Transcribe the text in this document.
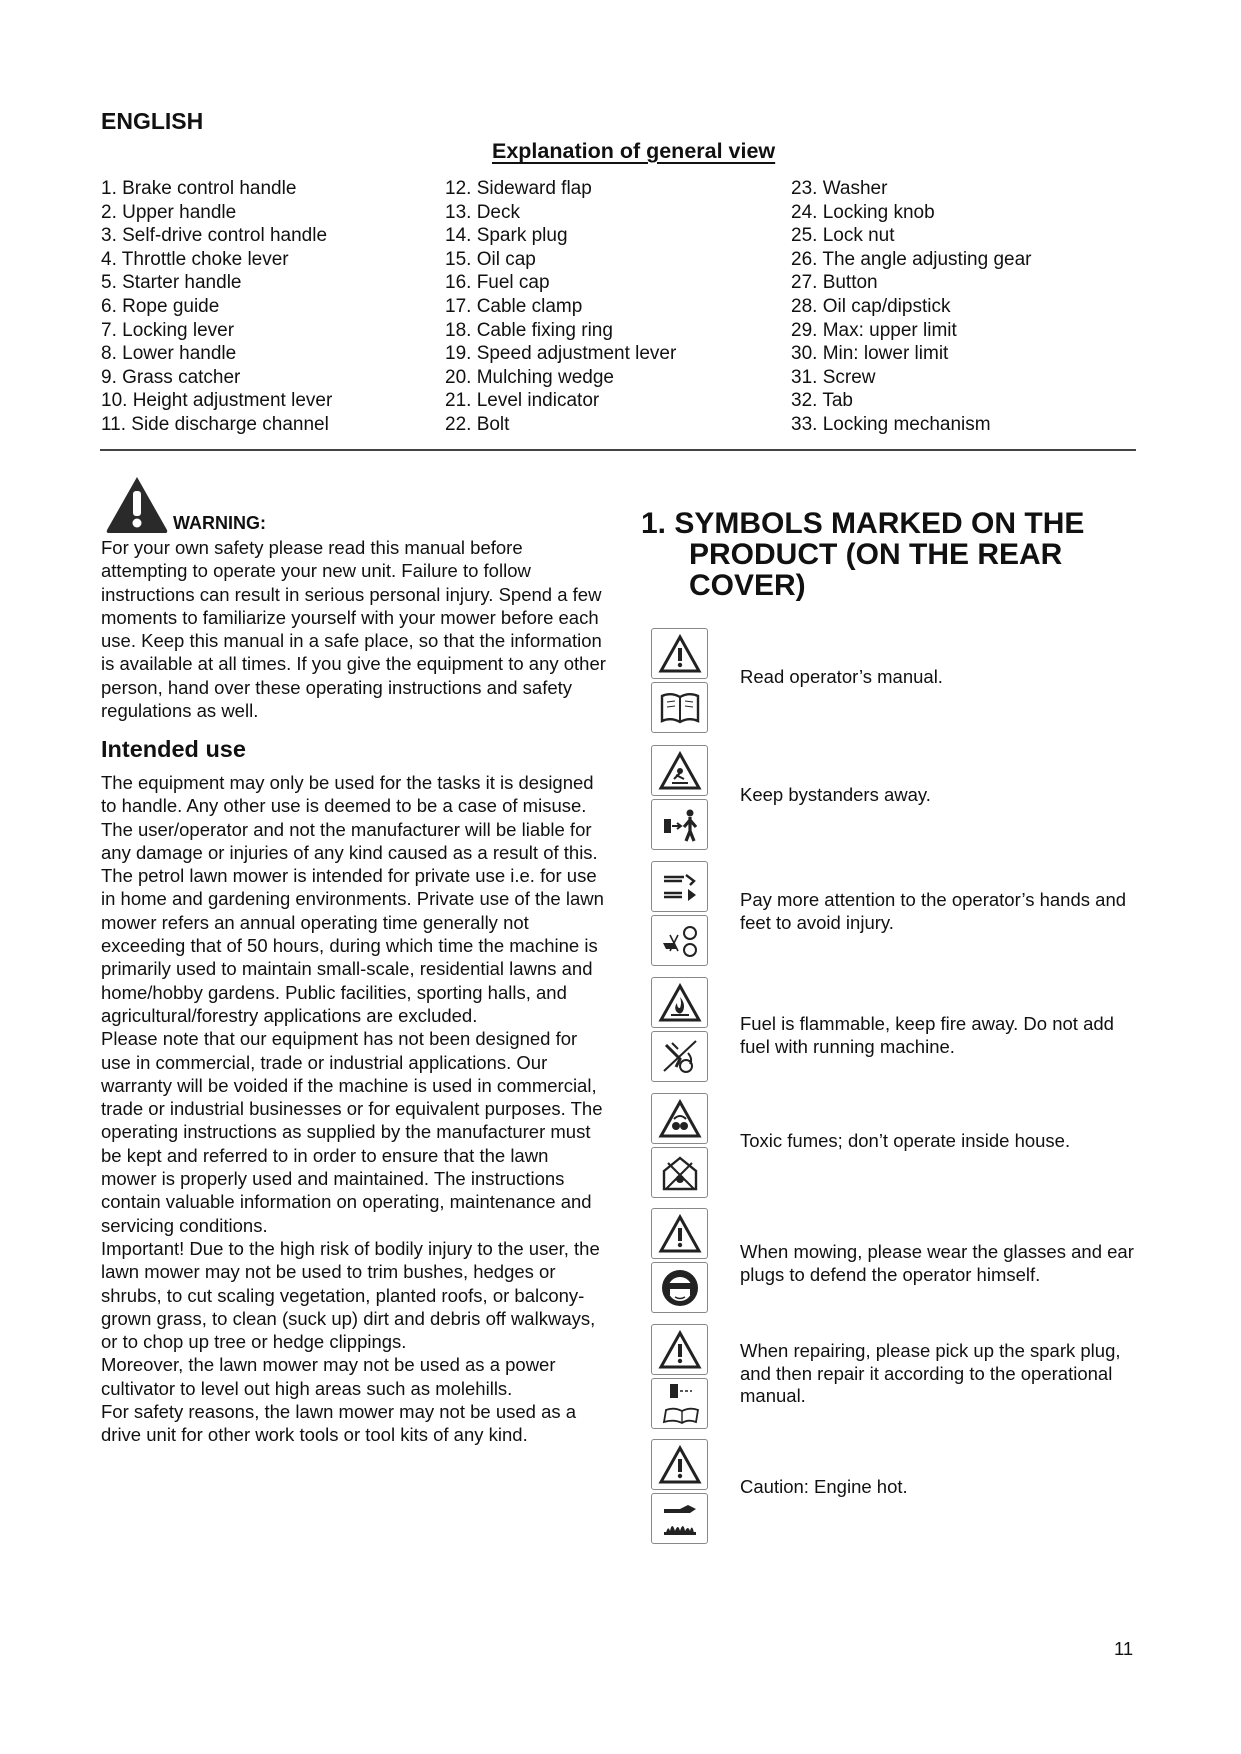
ENGLISH
Explanation of general view
1. Brake control handle
2. Upper handle
3. Self-drive control handle
4. Throttle choke lever
5. Starter handle
6. Rope guide
7. Locking lever
8. Lower handle
9. Grass catcher
10. Height adjustment lever
11. Side discharge channel
12. Sideward flap
13. Deck
14. Spark plug
15. Oil cap
16. Fuel cap
17. Cable clamp
18. Cable fixing ring
19. Speed adjustment lever
20. Mulching wedge
21. Level indicator
22. Bolt
23. Washer
24. Locking knob
25. Lock nut
26. The angle adjusting gear
27. Button
28. Oil cap/dipstick
29. Max: upper limit
30. Min: lower limit
31. Screw
32. Tab
33. Locking mechanism
WARNING:
For your own safety please read this manual before attempting to operate your new unit. Failure to follow instructions can result in serious personal injury. Spend a few moments to familiarize yourself with your mower before each use. Keep this manual in a safe place, so that the information is available at all times. If you give the equipment to any other person, hand over these operating instructions and safety regulations as well.
Intended use

The equipment may only be used for the tasks it is designed to handle. Any other use is deemed to be a case of misuse. The user/operator and not the manufacturer will be liable for any damage or injuries of any kind caused as a result of this.

The petrol lawn mower is intended for private use i.e. for use in home and gardening environments. Private use of the lawn mower refers an annual operating time generally not exceeding that of 50 hours, during which time the machine is primarily used to maintain small-scale, residential lawns and home/hobby gardens. Public facilities, sporting halls, and agricultural/forestry applications are excluded.

Please note that our equipment has not been designed for use in commercial, trade or industrial applications. Our warranty will be voided if the machine is used in commercial, trade or industrial businesses or for equivalent purposes. The operating instructions as supplied by the manufacturer must be kept and referred to in order to ensure that the lawn mower is properly used and maintained. The instructions contain valuable information on operating, maintenance and servicing conditions.

Important! Due to the high risk of bodily injury to the user, the lawn mower may not be used to trim bushes, hedges or shrubs, to cut scaling vegetation, planted roofs, or balcony-grown grass, to clean (suck up) dirt and debris off walkways, or to chop up tree or hedge clippings.

Moreover, the lawn mower may not be used as a power cultivator to level out high areas such as molehills.

For safety reasons, the lawn mower may not be used as a drive unit for other work tools or tool kits of any kind.

1. SYMBOLS MARKED ON THE
PRODUCT (ON THE REAR
COVER)
Read operator’s manual.
Keep bystanders away.
Pay more attention to the operator’s hands and feet to avoid injury.
Fuel is flammable, keep fire away. Do not add fuel with running machine.
Toxic fumes; don’t operate inside house.
When mowing, please wear the glasses and ear plugs to defend the operator himself.
When repairing, please pick up the spark plug, and then repair it according to the operational manual.
Caution: Engine hot.
11
